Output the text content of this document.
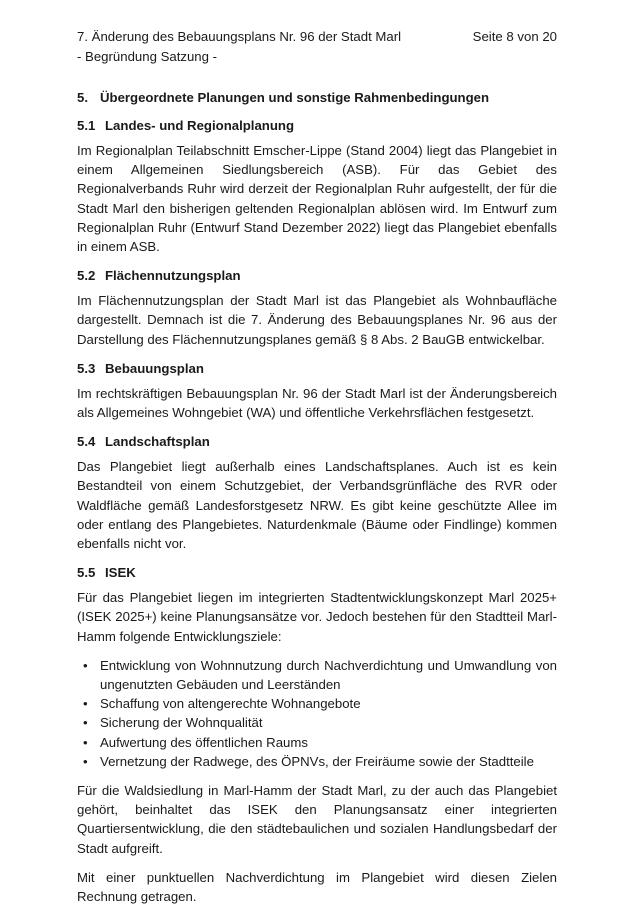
7. Änderung des Bebauungsplans Nr. 96 der Stadt Marl	Seite 8 von 20
- Begründung Satzung -
5. Übergeordnete Planungen und sonstige Rahmenbedingungen
5.1 Landes- und Regionalplanung

Im Regionalplan Teilabschnitt Emscher-Lippe (Stand 2004) liegt das Plangebiet in einem Allgemeinen Siedlungsbereich (ASB). Für das Gebiet des Regionalverbands Ruhr wird derzeit der Regionalplan Ruhr aufgestellt, der für die Stadt Marl den bisherigen geltenden Regionalplan ablösen wird. Im Entwurf zum Regionalplan Ruhr (Entwurf Stand Dezember 2022) liegt das Plangebiet ebenfalls in einem ASB.

5.2 Flächennutzungsplan

Im Flächennutzungsplan der Stadt Marl ist das Plangebiet als Wohnbaufläche dargestellt. Demnach ist die 7. Änderung des Bebauungsplanes Nr. 96 aus der Darstellung des Flächennutzungsplanes gemäß § 8 Abs. 2 BauGB entwickelbar.

5.3 Bebauungsplan

Im rechtskräftigen Bebauungsplan Nr. 96 der Stadt Marl ist der Änderungsbereich als Allgemeines Wohngebiet (WA) und öffentliche Verkehrsflächen festgesetzt.

5.4 Landschaftsplan

Das Plangebiet liegt außerhalb eines Landschaftsplanes. Auch ist es kein Bestandteil von einem Schutzgebiet, der Verbandsgrünfläche des RVR oder Waldfläche gemäß Landesforstgesetz NRW. Es gibt keine geschützte Allee im oder entlang des Plangebietes. Naturdenkmale (Bäume oder Findlinge) kommen ebenfalls nicht vor.

5.5 ISEK

Für das Plangebiet liegen im integrierten Stadtentwicklungskonzept Marl 2025+ (ISEK 2025+) keine Planungsansätze vor. Jedoch bestehen für den Stadtteil Marl-Hamm folgende Entwicklungsziele:

• Entwicklung von Wohnnutzung durch Nachverdichtung und Umwandlung von ungenutzten Gebäuden und Leerständen
• Schaffung von altengerechte Wohnangebote
• Sicherung der Wohnqualität
• Aufwertung des öffentlichen Raums
• Vernetzung der Radwege, des ÖPNVs, der Freiräume sowie der Stadtteile

Für die Waldsiedlung in Marl-Hamm der Stadt Marl, zu der auch das Plangebiet gehört, beinhaltet das ISEK den Planungsansatz einer integrierten Quartiersentwicklung, die den städtebaulichen und sozialen Handlungsbedarf der Stadt aufgreift.

Mit einer punktuellen Nachverdichtung im Plangebiet wird diesen Zielen Rechnung getragen.
